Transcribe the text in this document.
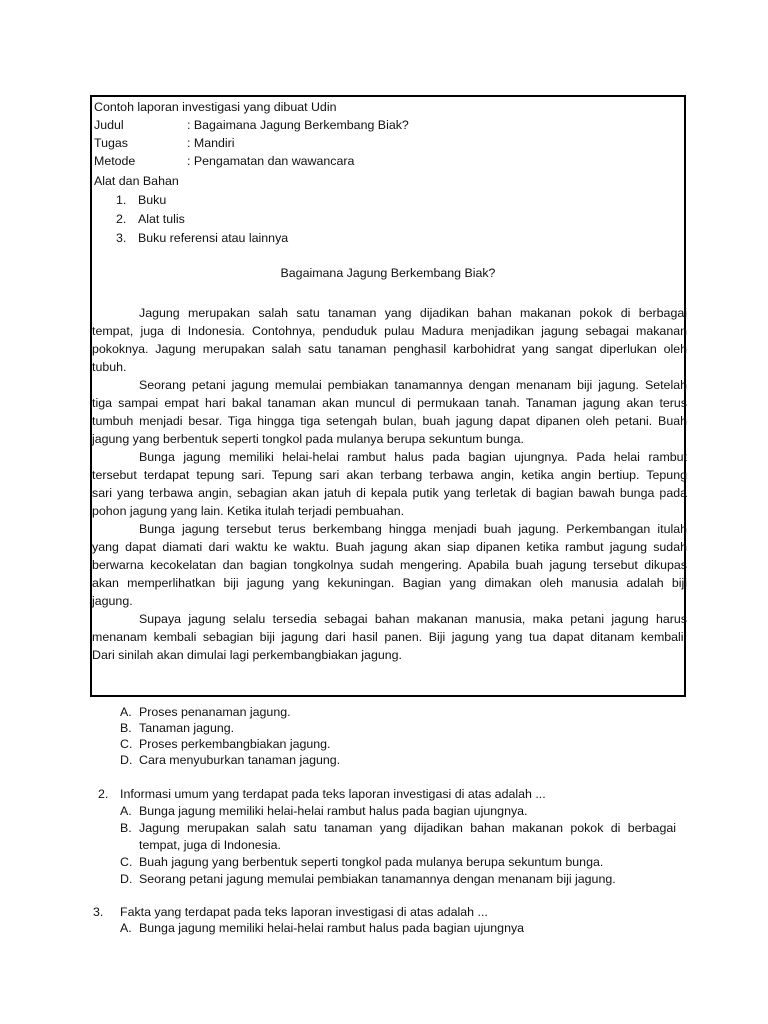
Contoh laporan investigasi yang dibuat Udin
Judul	: Bagaimana Jagung Berkembang Biak?
Tugas	: Mandiri
Metode	: Pengamatan dan wawancara
Alat dan Bahan
1. Buku
2. Alat tulis
3. Buku referensi atau lainnya
Bagaimana Jagung Berkembang Biak?
Jagung merupakan salah satu tanaman yang dijadikan bahan makanan pokok di berbagai
tempat, juga di Indonesia. Contohnya, penduduk pulau Madura menjadikan jagung sebagai makanan
pokoknya. Jagung merupakan salah satu tanaman penghasil karbohidrat yang sangat diperlukan oleh
tubuh.
Seorang petani jagung memulai pembiakan tanamannya dengan menanam biji jagung. Setelah
tiga sampai empat hari bakal tanaman akan muncul di permukaan tanah. Tanaman jagung akan terus
tumbuh menjadi besar. Tiga hingga tiga setengah bulan, buah jagung dapat dipanen oleh petani. Buah
jagung yang berbentuk seperti tongkol pada mulanya berupa sekuntum bunga.
Bunga jagung memiliki helai-helai rambut halus pada bagian ujungnya. Pada helai rambut
tersebut terdapat tepung sari. Tepung sari akan terbang terbawa angin, ketika angin bertiup. Tepung
sari yang terbawa angin, sebagian akan jatuh di kepala putik yang terletak di bagian bawah bunga pada
pohon jagung yang lain. Ketika itulah terjadi pembuahan.
Bunga jagung tersebut terus berkembang hingga menjadi buah jagung. Perkembangan itulah
yang dapat diamati dari waktu ke waktu. Buah jagung akan siap dipanen ketika rambut jagung sudah
berwarna kecokelatan dan bagian tongkolnya sudah mengering. Apabila buah jagung tersebut dikupas
akan memperlihatkan biji jagung yang kekuningan. Bagian yang dimakan oleh manusia adalah biji
jagung.
Supaya jagung selalu tersedia sebagai bahan makanan manusia, maka petani jagung harus
menanam kembali sebagian biji jagung dari hasil panen. Biji jagung yang tua dapat ditanam kembali.
Dari sinilah akan dimulai lagi perkembangbiakan jagung.
A. Proses penanaman jagung.
B. Tanaman jagung.
C. Proses perkembangbiakan jagung.
D. Cara menyuburkan tanaman jagung.
2. Informasi umum yang terdapat pada teks laporan investigasi di atas adalah ...
A. Bunga jagung memiliki helai-helai rambut halus pada bagian ujungnya.
B. Jagung merupakan salah satu tanaman yang dijadikan bahan makanan pokok di berbagai
tempat, juga di Indonesia.
C. Buah jagung yang berbentuk seperti tongkol pada mulanya berupa sekuntum bunga.
D. Seorang petani jagung memulai pembiakan tanamannya dengan menanam biji jagung.
3. Fakta yang terdapat pada teks laporan investigasi di atas adalah ...
A. Bunga jagung memiliki helai-helai rambut halus pada bagian ujungnya
